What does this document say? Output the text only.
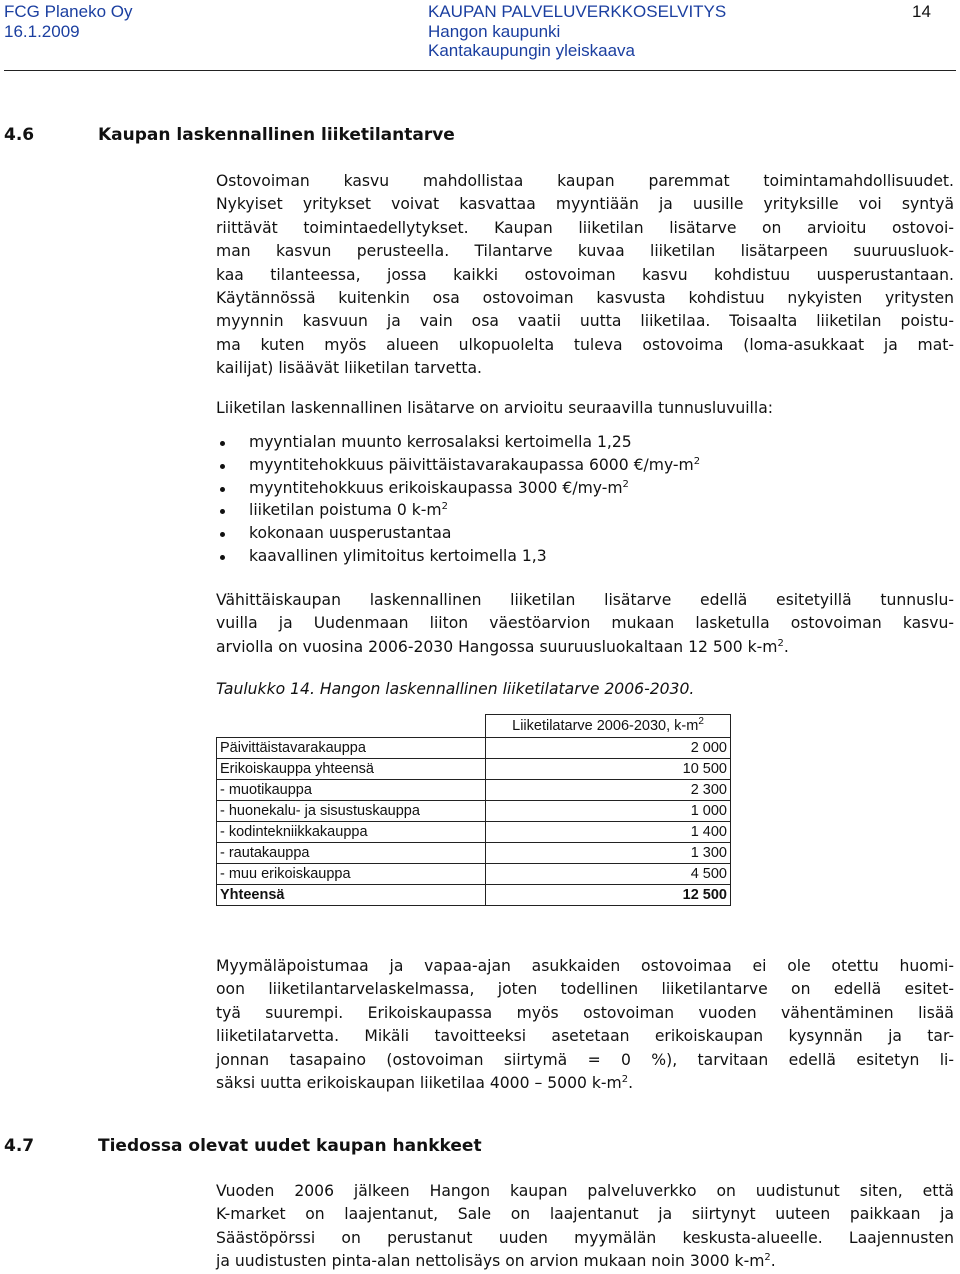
FCG Planeko Oy
16.1.2009
KAUPAN PALVELUVERKKOSELVITYS
Hangon kaupunki
Kantakaupungin yleiskaava
14
4.6	Kaupan laskennallinen liiketilantarve
Ostovoiman kasvu mahdollistaa kaupan paremmat toimintamahdollisuudet.
Nykyiset yritykset voivat kasvattaa myyntiään ja uusille yrityksille voi syntyä
riittävät toimintaedellytykset. Kaupan liiketilan lisätarve on arvioitu ostovoi-
man kasvun perusteella. Tilantarve kuvaa liiketilan lisätarpeen suuruusluok-
kaa tilanteessa, jossa kaikki ostovoiman kasvu kohdistuu uusperustantaan.
Käytännössä kuitenkin osa ostovoiman kasvusta kohdistuu nykyisten yritysten
myynnin kasvuun ja vain osa vaatii uutta liiketilaa. Toisaalta liiketilan poistu-
ma kuten myös alueen ulkopuolelta tuleva ostovoima (loma-asukkaat ja mat-
kailijat) lisäävät liiketilan tarvetta.
Liiketilan laskennallinen lisätarve on arvioitu seuraavilla tunnusluvuilla:
myyntialan muunto kerrosalaksi kertoimella 1,25
myyntitehokkuus päivittäistavarakaupassa 6000 $€/my-m^2$
myyntitehokkuus erikoiskaupassa 3000 $€/my-m^2$
liiketilan poistuma 0 $k-m^2$
kokonaan uusperustantaa
kaavallinen ylimitoitus kertoimella 1,3
Vähittäiskaupan laskennallinen liiketilan lisätarve edellä esitetyillä tunnuslu-
vuilla ja Uudenmaan liiton väestöarvion mukaan lasketulla ostovoiman kasvu-
arviolla on vuosina 2006-2030 Hangossa suuruusluokaltaan 12 500 $k-m^2$.
Taulukko 14. Hangon laskennallinen liiketilatarve 2006-2030.
	Liiketilatarve 2006-2030, $k-m^2$
Päivittäistavarakauppa	2 000
Erikoiskauppa yhteensä	10 500
- muotikauppa	2 300
- huonekalu- ja sisustuskauppa	1 000
- kodintekniikkakauppa	1 400
- rautakauppa	1 300
- muu erikoiskauppa	4 500
Yhteensä	12 500
Myymäläpoistumaa ja vapaa-ajan asukkaiden ostovoimaa ei ole otettu huomi-
oon liiketilantarvelaskelmassa, joten todellinen liiketilantarve on edellä esitet-
tyä suurempi. Erikoiskaupassa myös ostovoiman vuoden vähentäminen lisää
liiketilatarvetta. Mikäli tavoitteeksi asetetaan erikoiskaupan kysynnän ja tar-
jonnan tasapaino (ostovoiman siirtymä = 0 %), tarvitaan edellä esitetyn li-
säksi uutta erikoiskaupan liiketilaa 4000 – 5000 $k-m^2$.
4.7	Tiedossa olevat uudet kaupan hankkeet
Vuoden 2006 jälkeen Hangon kaupan palveluverkko on uudistunut siten, että
K-market on laajentanut, Sale on laajentanut ja siirtynyt uuteen paikkaan ja
Säästöpörssi on perustanut uuden myymälän keskusta-alueelle. Laajennusten
ja uudistusten pinta-alan nettolisäys on arvion mukaan noin 3000 $k-m^2$.
